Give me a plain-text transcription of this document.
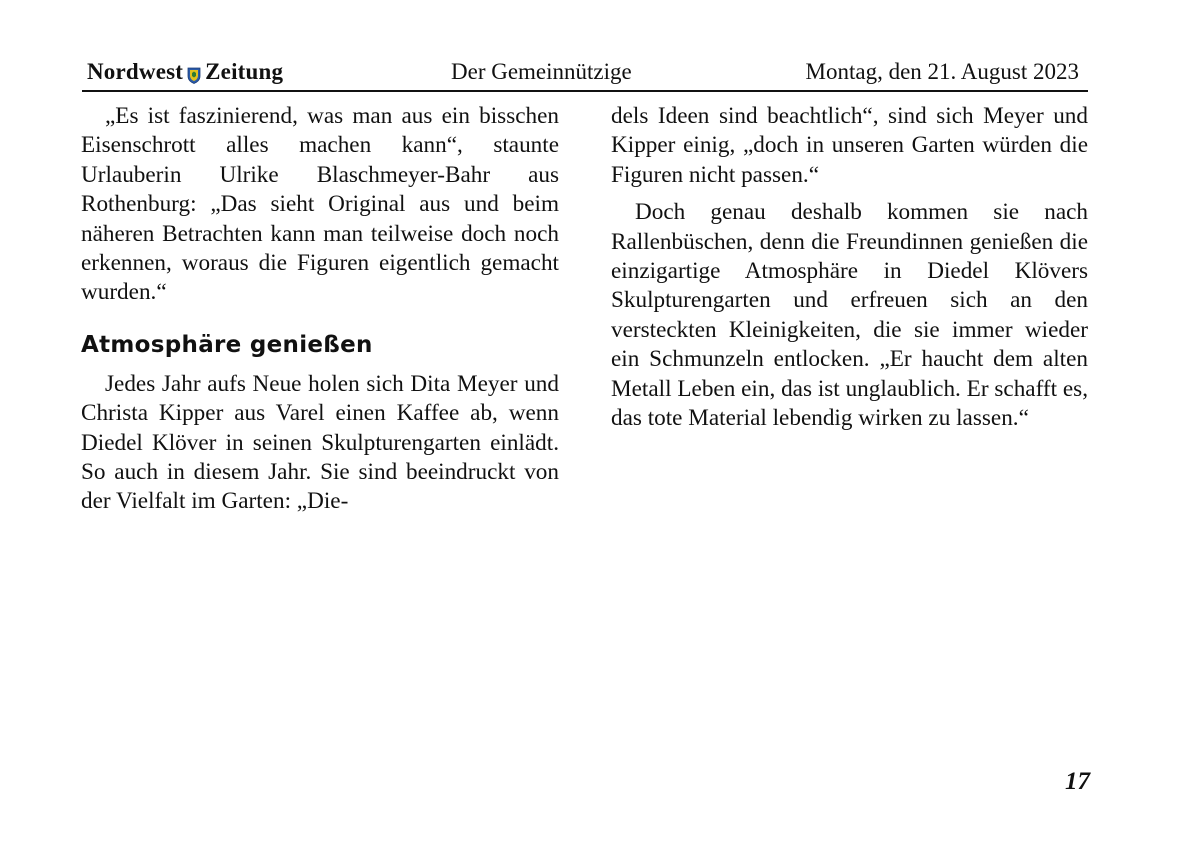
Nordwest Zeitung	Der Gemeinnützige	Montag, den 21. August 2023

„Es ist faszinierend, was man aus ein bisschen Eisenschrott alles machen kann“, staunte Urlauberin Ulrike Blaschmeyer-Bahr aus Rothenburg: „Das sieht Original aus und beim näheren Betrachten kann man teilweise doch noch erkennen, woraus die Figuren eigentlich gemacht wurden.“

Atmosphäre genießen

Jedes Jahr aufs Neue holen sich Dita Meyer und Christa Kipper aus Varel einen Kaffee ab, wenn Diedel Klöver in seinen Skulpturengarten einlädt. So auch in diesem Jahr. Sie sind beeindruckt von der Vielfalt im Garten: „Die-

dels Ideen sind beachtlich“, sind sich Meyer und Kipper einig, „doch in unseren Garten würden die Figuren nicht passen.“

Doch genau deshalb kommen sie nach Rallenbüschen, denn die Freundinnen genießen die einzigartige Atmosphäre in Diedel Klövers Skulpturengarten und erfreuen sich an den versteckten Kleinigkeiten, die sie immer wieder ein Schmunzeln entlocken. „Er haucht dem alten Metall Leben ein, das ist unglaublich. Er schafft es, das tote Material lebendig wirken zu lassen.“

17
